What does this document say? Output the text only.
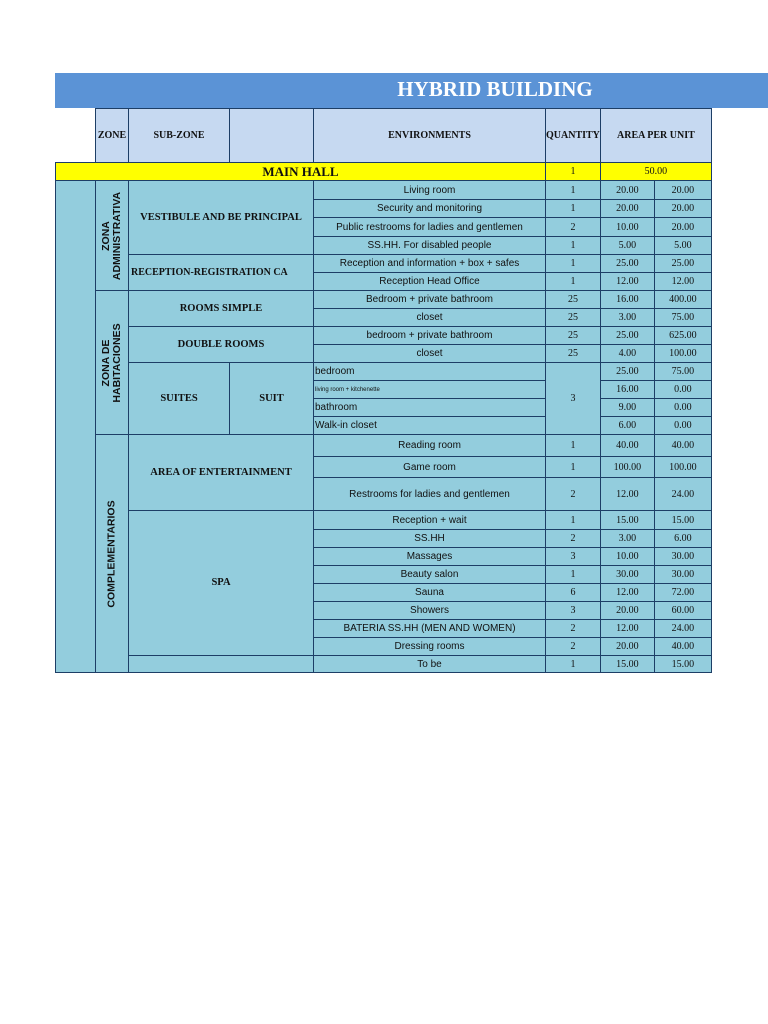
HYBRID BUILDING
	ZONE	SUB-ZONE		ENVIRONMENTS	QUANTITY	AREA PER UNIT	
MAIN HALL					1	50.00	

	ZONA
ADMINISTRATIVA	VESTIBULE AND BE PRINCIPAL		Living room	1	20.00	20.00
				Security and monitoring	1	20.00	20.00
				Public restrooms for ladies and gentlemen	2	10.00	20.00
				SS.HH. For disabled people	1	5.00	5.00
		RECEPTION-REGISTRATION CA		Reception and information + box + safes	1	25.00	25.00
				Reception Head Office	1	12.00	12.00

	ZONA DE
HABITACIONES	ROOMS SIMPLE		Bedroom + private bathroom	25	16.00	400.00
				closet	25	3.00	75.00
		DOUBLE ROOMS		bedroom + private bathroom	25	25.00	625.00
				closet	25	4.00	100.00
		SUITES	SUIT	bedroom	3	25.00	75.00
				living room + kitchenette		16.00	0.00
				bathroom		9.00	0.00
				Walk-in closet		6.00	0.00

	COMPLEMENTARIOS	AREA OF ENTERTAINMENT		Reading room	1	40.00	40.00
				Game room	1	100.00	100.00
				Restrooms for ladies and gentlemen	2	12.00	24.00
		SPA		Reception + wait	1	15.00	15.00
				SS.HH	2	3.00	6.00
				Massages	3	10.00	30.00
				Beauty salon	1	30.00	30.00
				Sauna	6	12.00	72.00
				Showers	3	20.00	60.00
				BATERIA SS.HH (MEN AND WOMEN)	2	12.00	24.00
				Dressing rooms	2	20.00	40.00
				To be	1	15.00	15.00
